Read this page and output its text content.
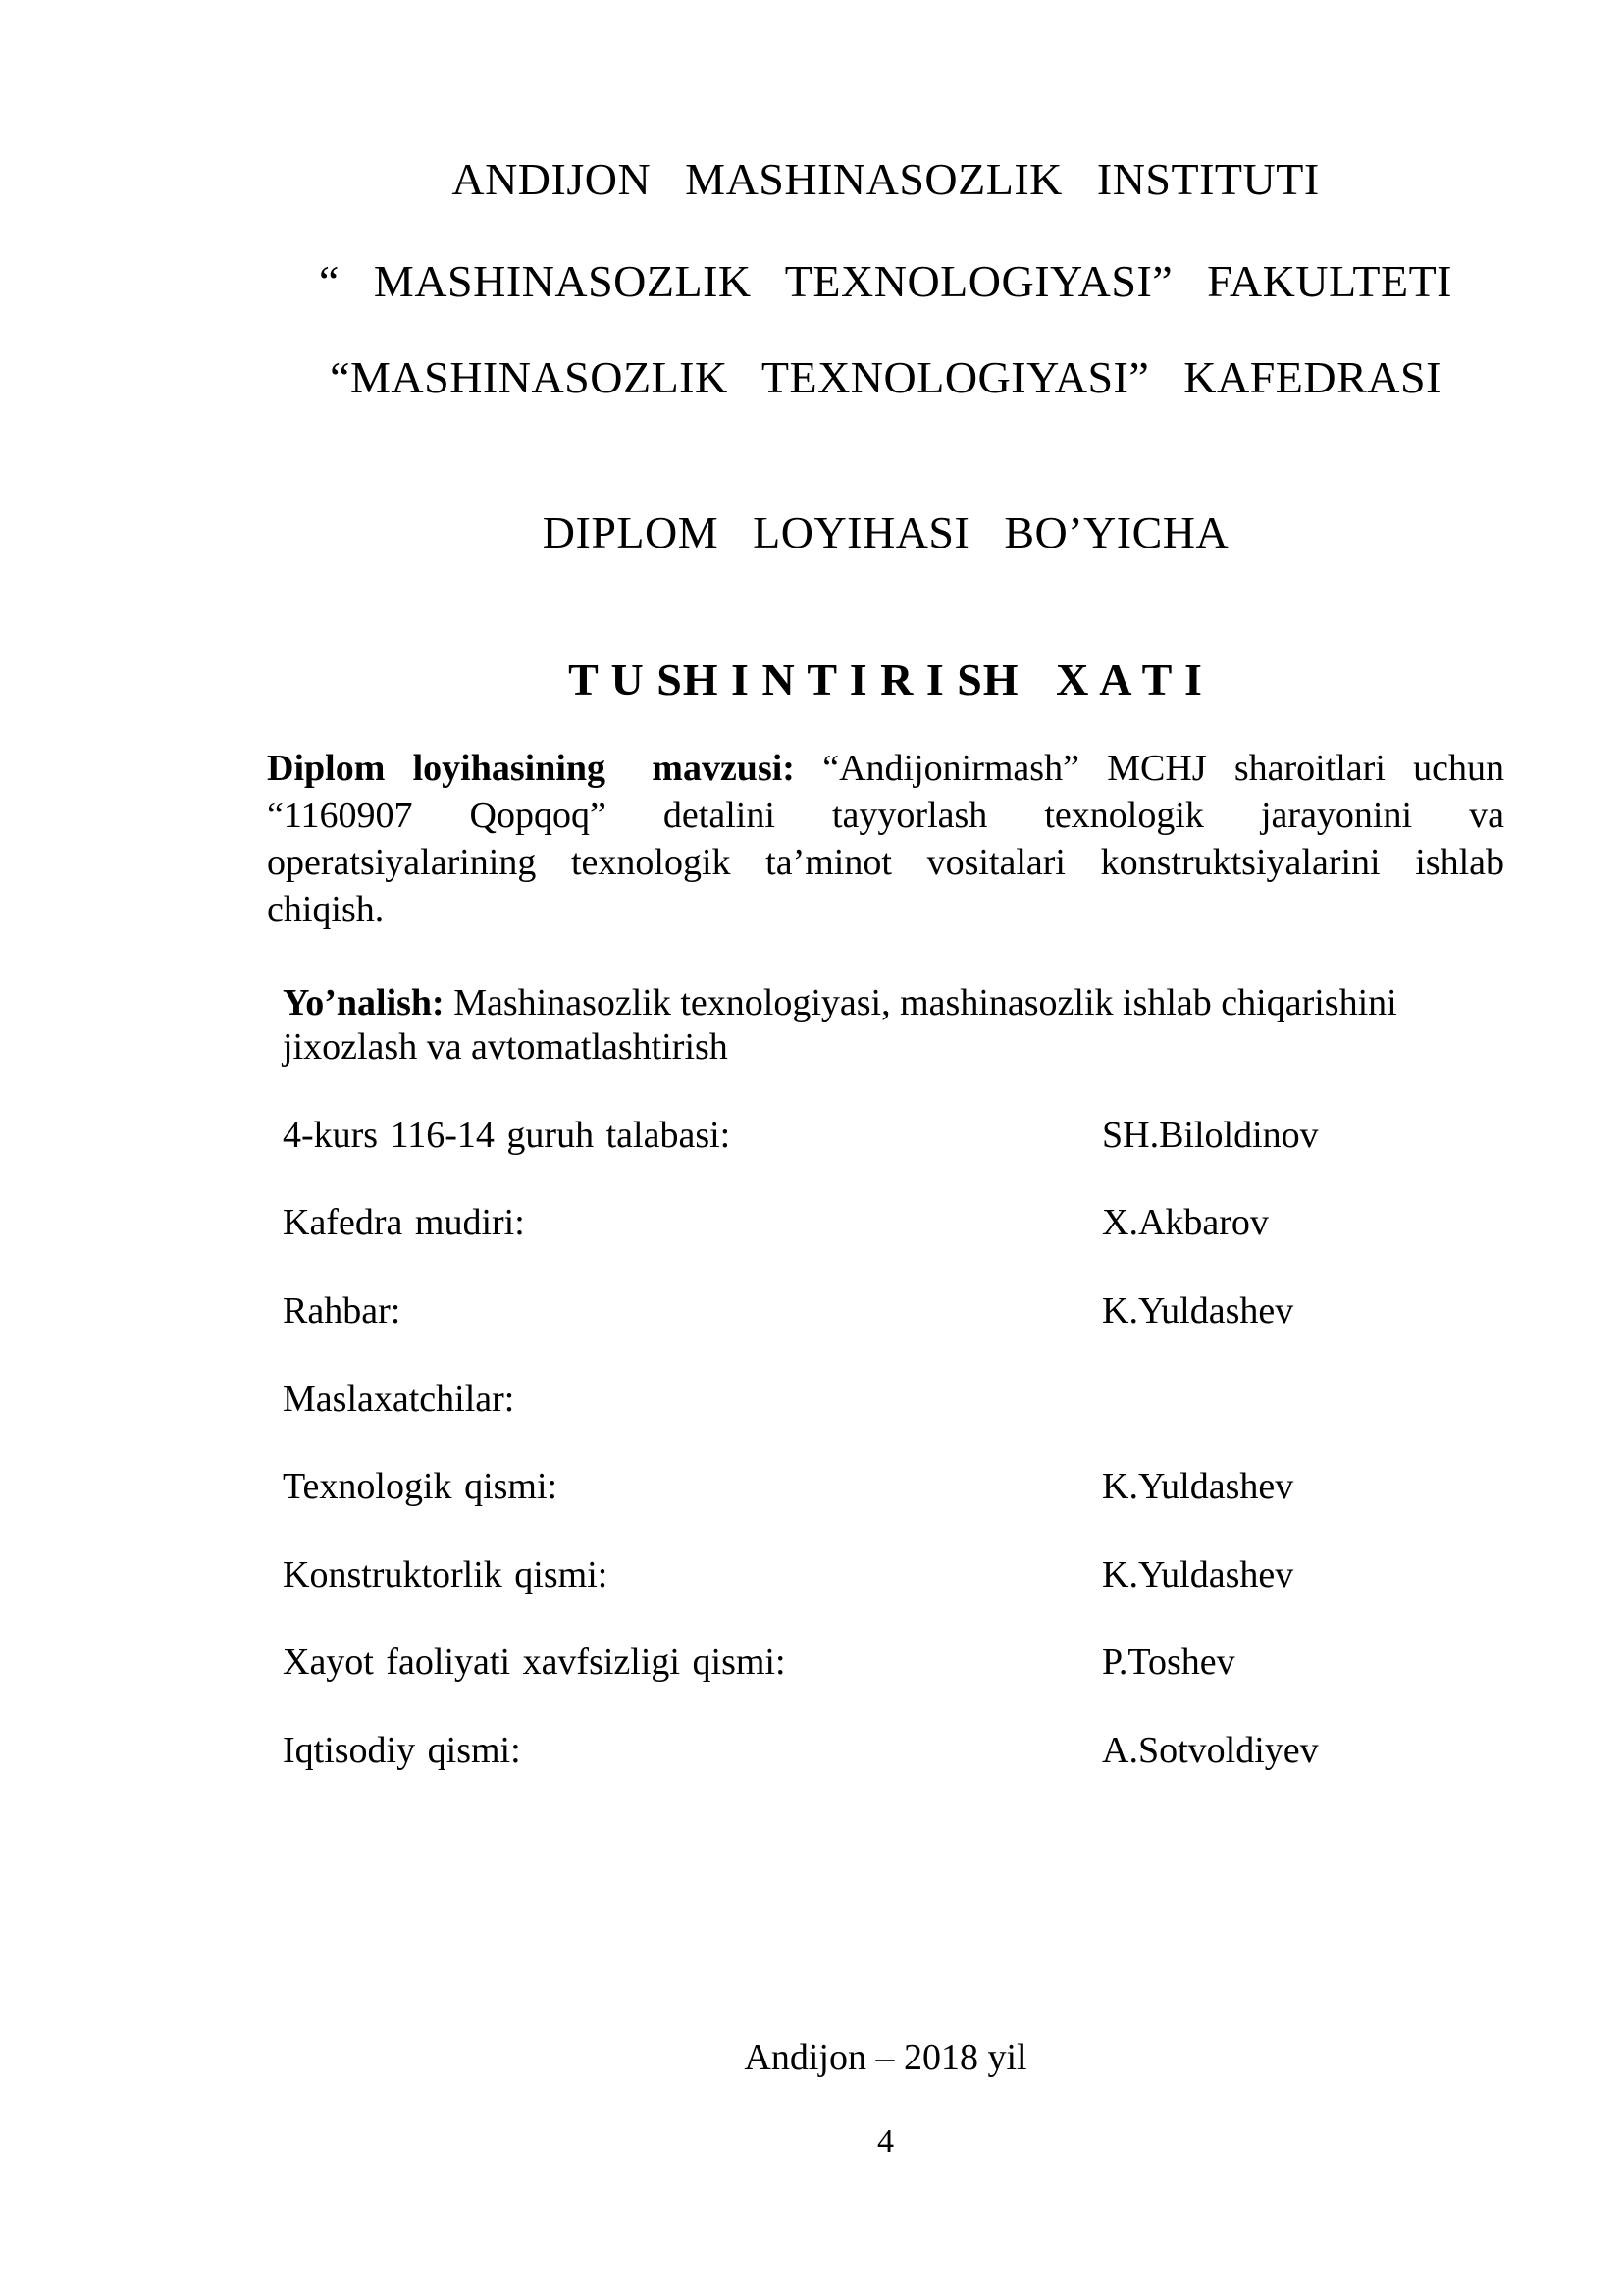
ANDIJON MASHINASOZLIK INSTITUTI
“ MASHINASOZLIK TEXNOLOGIYASI” FAKULTETI
“MASHINASOZLIK TEXNOLOGIYASI” KAFEDRASI
DIPLOM LOYIHASI BO’YICHA
T U SH I N T I R I SH   X A T I
Diplom loyihasining  mavzusi: “Andijonirmash” MCHJ sharoitlari uchun
“1160907 Qopqoq” detalini tayyorlash texnologik jarayonini va
operatsiyalarining texnologik ta’minot vositalari konstruktsiyalarini ishlab
chiqish.
Yo’nalish: Mashinasozlik texnologiyasi, mashinasozlik ishlab chiqarishini
jixozlash va avtomatlashtirish
4-kurs 116-14 guruh talabasi:	SH.Biloldinov
Kafedra mudiri:	X.Akbarov
Rahbar:	K.Yuldashev
Maslaxatchilar:
Texnologik qismi:	K.Yuldashev
Konstruktorlik qismi:	K.Yuldashev
Xayot faoliyati xavfsizligi qismi:	P.Toshev
Iqtisodiy qismi:	A.Sotvoldiyev
Andijon – 2018 yil
4
